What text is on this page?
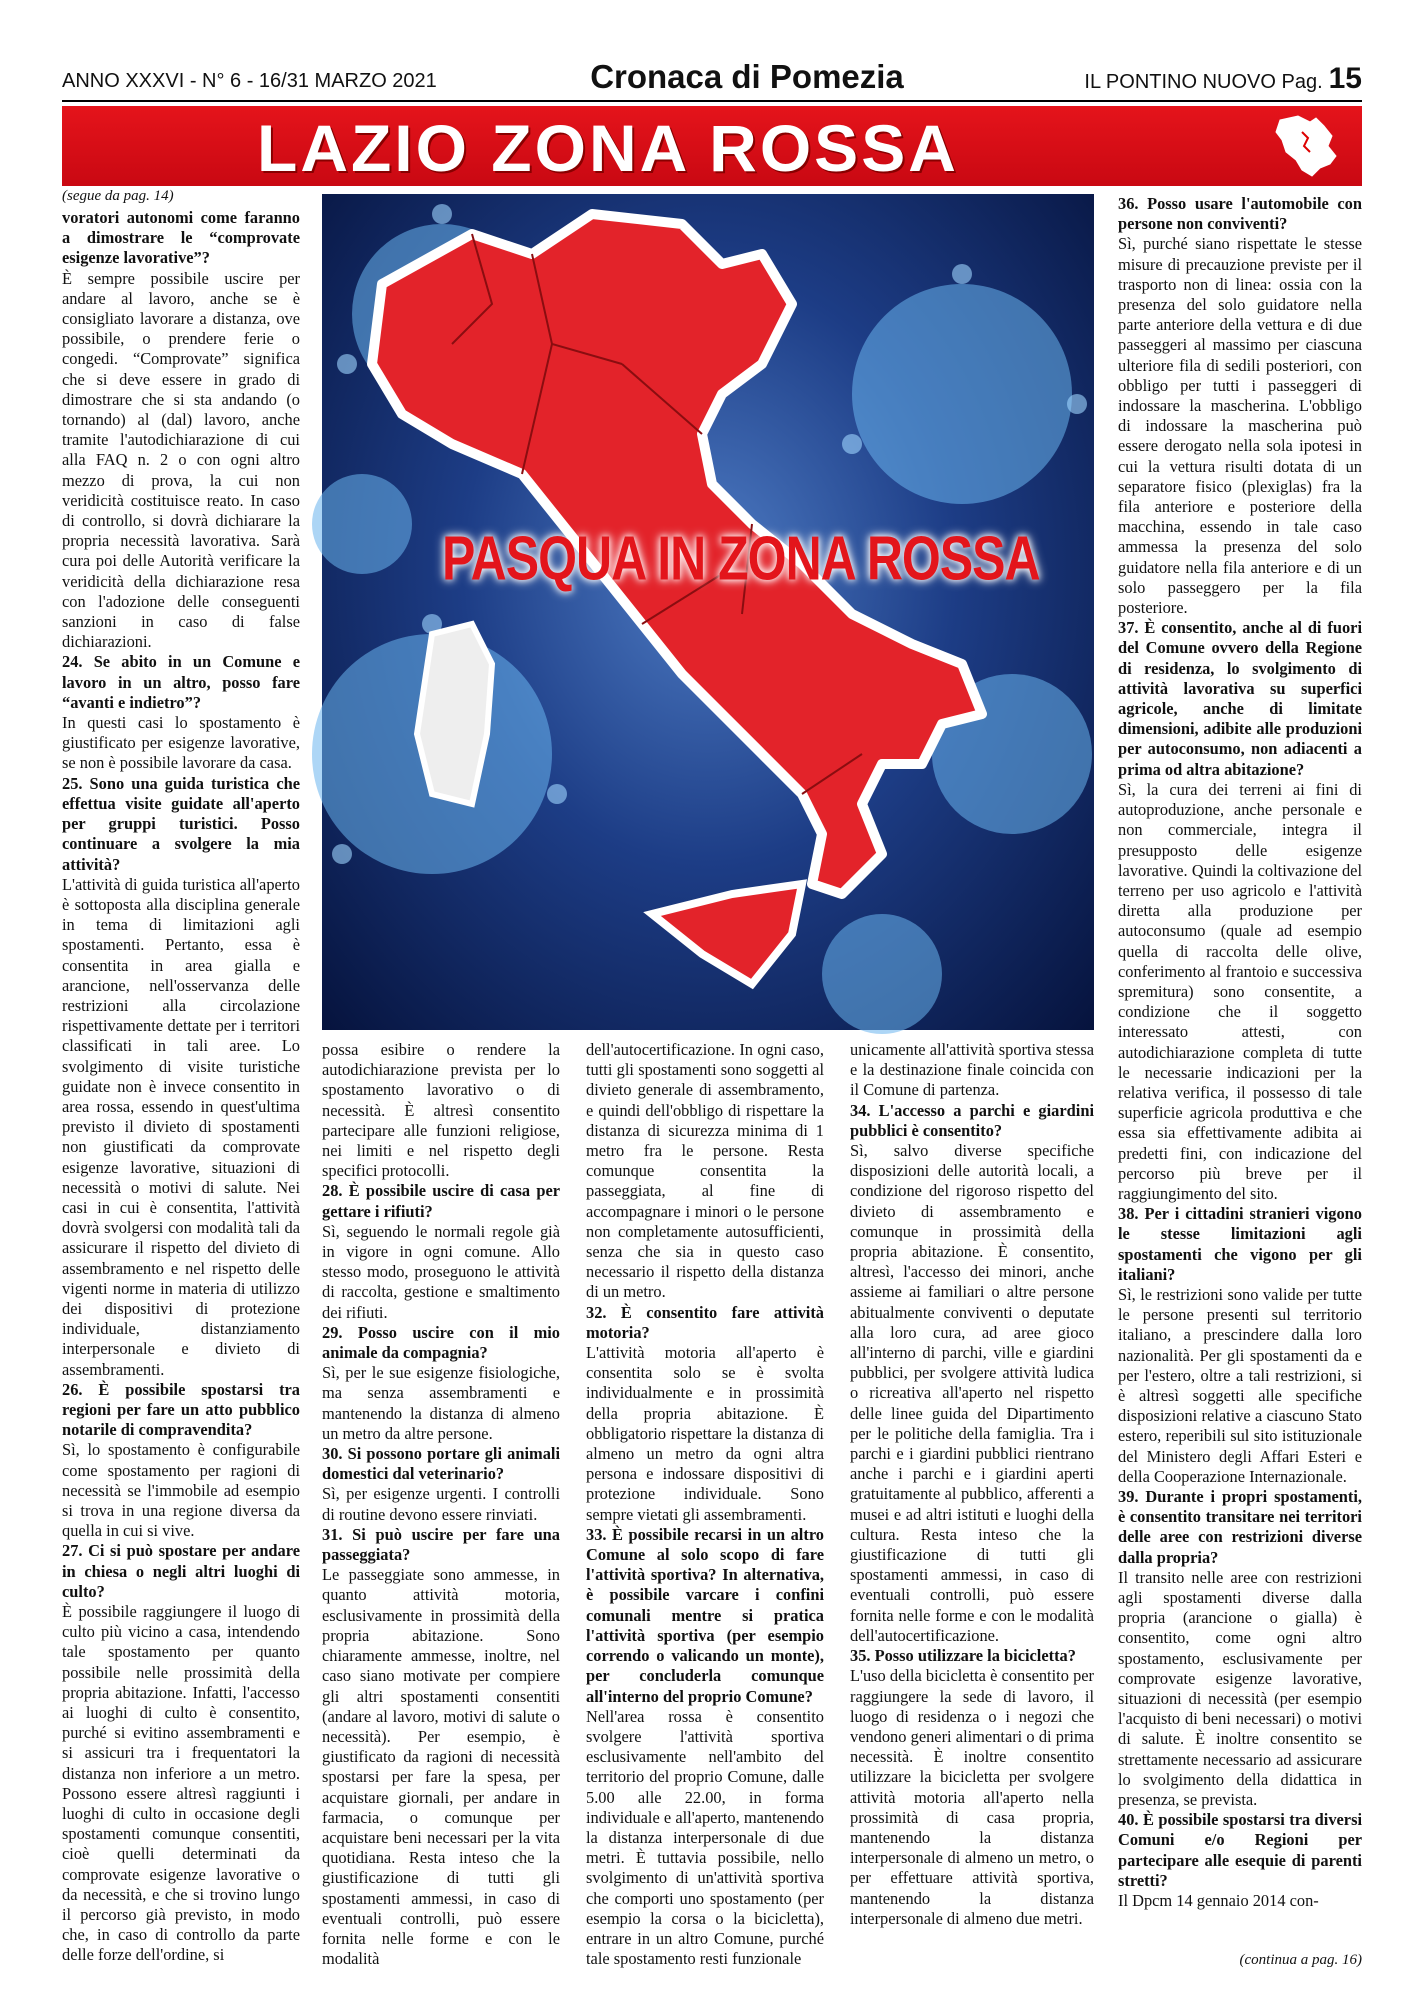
ANNO XXXVI - N° 6 - 16/31 MARZO 2021	Cronaca di Pomezia	IL PONTINO NUOVO Pag. 15
LAZIO ZONA ROSSA
(segue da pag. 14)

voratori autonomi come faranno a dimostrare le “comprovate esigenze lavorative”?

È sempre possibile uscire per andare al lavoro, anche se è consigliato lavorare a distanza, ove possibile, o prendere ferie o congedi. “Comprovate” significa che si deve essere in grado di dimostrare che si sta andando (o tornando) al (dal) lavoro, anche tramite l'autodichiarazione di cui alla FAQ n. 2 o con ogni altro mezzo di prova, la cui non veridicità costituisce reato. In caso di controllo, si dovrà dichiarare la propria necessità lavorativa. Sarà cura poi delle Autorità verificare la veridicità della dichiarazione resa con l'adozione delle conseguenti sanzioni in caso di false dichiarazioni.

24. Se abito in un Comune e lavoro in un altro, posso fare “avanti e indietro”?

In questi casi lo spostamento è giustificato per esigenze lavorative, se non è possibile lavorare da casa.

25. Sono una guida turistica che effettua visite guidate all'aperto per gruppi turistici. Posso continuare a svolgere la mia attività?

L'attività di guida turistica all'aperto è sottoposta alla disciplina generale in tema di limitazioni agli spostamenti. Pertanto, essa è consentita in area gialla e arancione, nell'osservanza delle restrizioni alla circolazione rispettivamente dettate per i territori classificati in tali aree. Lo svolgimento di visite turistiche guidate non è invece consentito in area rossa, essendo in quest'ultima previsto il divieto di spostamenti non giustificati da comprovate esigenze lavorative, situazioni di necessità o motivi di salute. Nei casi in cui è consentita, l'attività dovrà svolgersi con modalità tali da assicurare il rispetto del divieto di assembramento e nel rispetto delle vigenti norme in materia di utilizzo dei dispositivi di protezione individuale, distanziamento interpersonale e divieto di assembramenti.

26. È possibile spostarsi tra regioni per fare un atto pubblico notarile di compravendita?

Sì, lo spostamento è configurabile come spostamento per ragioni di necessità se l'immobile ad esempio si trova in una regione diversa da quella in cui si vive.

27. Ci si può spostare per andare in chiesa o negli altri luoghi di culto?

È possibile raggiungere il luogo di culto più vicino a casa, intendendo tale spostamento per quanto possibile nelle prossimità della propria abitazione. Infatti, l'accesso ai luoghi di culto è consentito, purché si evitino assembramenti e si assicuri tra i frequentatori la distanza non inferiore a un metro. Possono essere altresì raggiunti i luoghi di culto in occasione degli spostamenti comunque consentiti, cioè quelli determinati da comprovate esigenze lavorative o da necessità, e che si trovino lungo il percorso già previsto, in modo che, in caso di controllo da parte delle forze dell'ordine, si

PASQUA IN ZONA ROSSA

possa esibire o rendere la autodichiarazione prevista per lo spostamento lavorativo o di necessità. È altresì consentito partecipare alle funzioni religiose, nei limiti e nel rispetto degli specifici protocolli.

28. È possibile uscire di casa per gettare i rifiuti?

Sì, seguendo le normali regole già in vigore in ogni comune. Allo stesso modo, proseguono le attività di raccolta, gestione e smaltimento dei rifiuti.

29. Posso uscire con il mio animale da compagnia?

Sì, per le sue esigenze fisiologiche, ma senza assembramenti e mantenendo la distanza di almeno un metro da altre persone.

30. Si possono portare gli animali domestici dal veterinario?

Sì, per esigenze urgenti. I controlli di routine devono essere rinviati.

31. Si può uscire per fare una passeggiata?

Le passeggiate sono ammesse, in quanto attività motoria, esclusivamente in prossimità della propria abitazione. Sono chiaramente ammesse, inoltre, nel caso siano motivate per compiere gli altri spostamenti consentiti (andare al lavoro, motivi di salute o necessità). Per esempio, è giustificato da ragioni di necessità spostarsi per fare la spesa, per acquistare giornali, per andare in farmacia, o comunque per acquistare beni necessari per la vita quotidiana. Resta inteso che la giustificazione di tutti gli spostamenti ammessi, in caso di eventuali controlli, può essere fornita nelle forme e con le modalità

dell'autocertificazione. In ogni caso, tutti gli spostamenti sono soggetti al divieto generale di assembramento, e quindi dell'obbligo di rispettare la distanza di sicurezza minima di 1 metro fra le persone. Resta comunque consentita la passeggiata, al fine di accompagnare i minori o le persone non completamente autosufficienti, senza che sia in questo caso necessario il rispetto della distanza di un metro.

32. È consentito fare attività motoria?

L'attività motoria all'aperto è consentita solo se è svolta individualmente e in prossimità della propria abitazione. È obbligatorio rispettare la distanza di almeno un metro da ogni altra persona e indossare dispositivi di protezione individuale. Sono sempre vietati gli assembramenti.

33. È possibile recarsi in un altro Comune al solo scopo di fare l'attività sportiva? In alternativa, è possibile varcare i confini comunali mentre si pratica l'attività sportiva (per esempio correndo o valicando un monte), per concluderla comunque all'interno del proprio Comune?

Nell'area rossa è consentito svolgere l'attività sportiva esclusivamente nell'ambito del territorio del proprio Comune, dalle 5.00 alle 22.00, in forma individuale e all'aperto, mantenendo la distanza interpersonale di due metri. È tuttavia possibile, nello svolgimento di un'attività sportiva che comporti uno spostamento (per esempio la corsa o la bicicletta), entrare in un altro Comune, purché tale spostamento resti funzionale

unicamente all'attività sportiva stessa e la destinazione finale coincida con il Comune di partenza.

34. L'accesso a parchi e giardini pubblici è consentito?

Sì, salvo diverse specifiche disposizioni delle autorità locali, a condizione del rigoroso rispetto del divieto di assembramento e comunque in prossimità della propria abitazione. È consentito, altresì, l'accesso dei minori, anche assieme ai familiari o altre persone abitualmente conviventi o deputate alla loro cura, ad aree gioco all'interno di parchi, ville e giardini pubblici, per svolgere attività ludica o ricreativa all'aperto nel rispetto delle linee guida del Dipartimento per le politiche della famiglia. Tra i parchi e i giardini pubblici rientrano anche i parchi e i giardini aperti gratuitamente al pubblico, afferenti a musei e ad altri istituti e luoghi della cultura. Resta inteso che la giustificazione di tutti gli spostamenti ammessi, in caso di eventuali controlli, può essere fornita nelle forme e con le modalità dell'autocertificazione.

35. Posso utilizzare la bicicletta?

L'uso della bicicletta è consentito per raggiungere la sede di lavoro, il luogo di residenza o i negozi che vendono generi alimentari o di prima necessità. È inoltre consentito utilizzare la bicicletta per svolgere attività motoria all'aperto nella prossimità di casa propria, mantenendo la distanza interpersonale di almeno un metro, o per effettuare attività sportiva, mantenendo la distanza interpersonale di almeno due metri.

36. Posso usare l'automobile con persone non conviventi?

Sì, purché siano rispettate le stesse misure di precauzione previste per il trasporto non di linea: ossia con la presenza del solo guidatore nella parte anteriore della vettura e di due passeggeri al massimo per ciascuna ulteriore fila di sedili posteriori, con obbligo per tutti i passeggeri di indossare la mascherina. L'obbligo di indossare la mascherina può essere derogato nella sola ipotesi in cui la vettura risulti dotata di un separatore fisico (plexiglas) fra la fila anteriore e posteriore della macchina, essendo in tale caso ammessa la presenza del solo guidatore nella fila anteriore e di un solo passeggero per la fila posteriore.

37. È consentito, anche al di fuori del Comune ovvero della Regione di residenza, lo svolgimento di attività lavorativa su superfici agricole, anche di limitate dimensioni, adibite alle produzioni per autoconsumo, non adiacenti a prima od altra abitazione?

Sì, la cura dei terreni ai fini di autoproduzione, anche personale e non commerciale, integra il presupposto delle esigenze lavorative. Quindi la coltivazione del terreno per uso agricolo e l'attività diretta alla produzione per autoconsumo (quale ad esempio quella di raccolta delle olive, conferimento al frantoio e successiva spremitura) sono consentite, a condizione che il soggetto interessato attesti, con autodichiarazione completa di tutte le necessarie indicazioni per la relativa verifica, il possesso di tale superficie agricola produttiva e che essa sia effettivamente adibita ai predetti fini, con indicazione del percorso più breve per il raggiungimento del sito.

38. Per i cittadini stranieri vigono le stesse limitazioni agli spostamenti che vigono per gli italiani?

Sì, le restrizioni sono valide per tutte le persone presenti sul territorio italiano, a prescindere dalla loro nazionalità. Per gli spostamenti da e per l'estero, oltre a tali restrizioni, si è altresì soggetti alle specifiche disposizioni relative a ciascuno Stato estero, reperibili sul sito istituzionale del Ministero degli Affari Esteri e della Cooperazione Internazionale.

39. Durante i propri spostamenti, è consentito transitare nei territori delle aree con restrizioni diverse dalla propria?

Il transito nelle aree con restrizioni agli spostamenti diverse dalla propria (arancione o gialla) è consentito, come ogni altro spostamento, esclusivamente per comprovate esigenze lavorative, situazioni di necessità (per esempio l'acquisto di beni necessari) o motivi di salute. È inoltre consentito se strettamente necessario ad assicurare lo svolgimento della didattica in presenza, se prevista.

40. È possibile spostarsi tra diversi Comuni e/o Regioni per partecipare alle esequie di parenti stretti?

Il Dpcm 14 gennaio 2014 con-

(continua a pag. 16)
